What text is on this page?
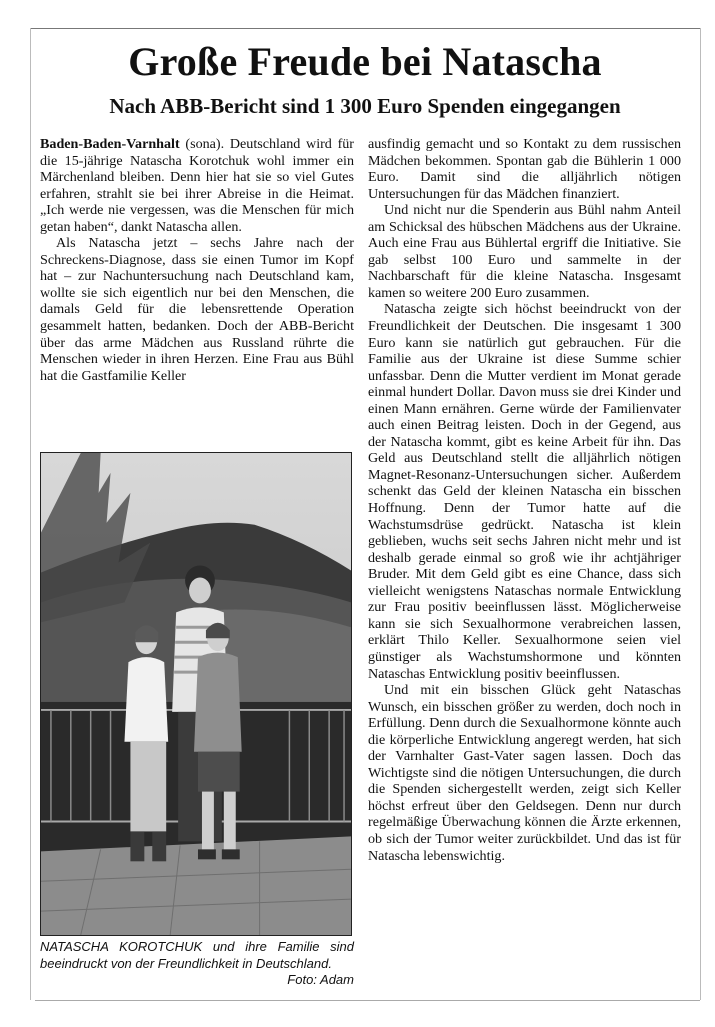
Große Freude bei Natascha
Nach ABB-Bericht sind 1 300 Euro Spenden eingegangen

Baden-Baden-Varnhalt (sona). Deutschland wird für die 15-jährige Natascha Korotchuk wohl immer ein Märchenland bleiben. Denn hier hat sie so viel Gutes erfahren, strahlt sie bei ihrer Abreise in die Heimat. „Ich werde nie vergessen, was die Menschen für mich getan haben“, dankt Natascha allen.

Als Natascha jetzt – sechs Jahre nach der Schreckens-Diagnose, dass sie einen Tumor im Kopf hat – zur Nachuntersuchung nach Deutschland kam, wollte sie sich eigentlich nur bei den Menschen, die damals Geld für die lebensrettende Operation gesammelt hatten, bedanken. Doch der ABB-Bericht über das arme Mädchen aus Russland rührte die Menschen wieder in ihren Herzen. Eine Frau aus Bühl hat die Gastfamilie Keller

NATASCHA KOROTCHUK und ihre Familie sind beeindruckt von der Freundlichkeit in Deutschland.
Foto: Adam

ausfindig gemacht und so Kontakt zu dem russischen Mädchen bekommen. Spontan gab die Bühlerin 1 000 Euro. Damit sind die alljährlich nötigen Untersuchungen für das Mädchen finanziert.

Und nicht nur die Spenderin aus Bühl nahm Anteil am Schicksal des hübschen Mädchens aus der Ukraine. Auch eine Frau aus Bühlertal ergriff die Initiative. Sie gab selbst 100 Euro und sammelte in der Nachbarschaft für die kleine Natascha. Insgesamt kamen so weitere 200 Euro zusammen.

Natascha zeigte sich höchst beeindruckt von der Freundlichkeit der Deutschen. Die insgesamt 1 300 Euro kann sie natürlich gut gebrauchen. Für die Familie aus der Ukraine ist diese Summe schier unfassbar. Denn die Mutter verdient im Monat gerade einmal hundert Dollar. Davon muss sie drei Kinder und einen Mann ernähren. Gerne würde der Familienvater auch einen Beitrag leisten. Doch in der Gegend, aus der Natascha kommt, gibt es keine Arbeit für ihn. Das Geld aus Deutschland stellt die alljährlich nötigen Magnet-Resonanz-Untersuchungen sicher. Außerdem schenkt das Geld der kleinen Natascha ein bisschen Hoffnung. Denn der Tumor hatte auf die Wachstumsdrüse gedrückt. Natascha ist klein geblieben, wuchs seit sechs Jahren nicht mehr und ist deshalb gerade einmal so groß wie ihr achtjähriger Bruder. Mit dem Geld gibt es eine Chance, dass sich vielleicht wenigstens Nataschas normale Entwicklung zur Frau positiv beeinflussen lässt. Möglicherweise kann sie sich Sexualhormone verabreichen lassen, erklärt Thilo Keller. Sexualhormone seien viel günstiger als Wachstumshormone und könnten Nataschas Entwicklung positiv beeinflussen.

Und mit ein bisschen Glück geht Nataschas Wunsch, ein bisschen größer zu werden, doch noch in Erfüllung. Denn durch die Sexualhormone könnte auch die körperliche Entwicklung angeregt werden, hat sich der Varnhalter Gast-Vater sagen lassen. Doch das Wichtigste sind die nötigen Untersuchungen, die durch die Spenden sichergestellt werden, zeigt sich Keller höchst erfreut über den Geldsegen. Denn nur durch regelmäßige Überwachung können die Ärzte erkennen, ob sich der Tumor weiter zurückbildet. Und das ist für Natascha lebenswichtig.
